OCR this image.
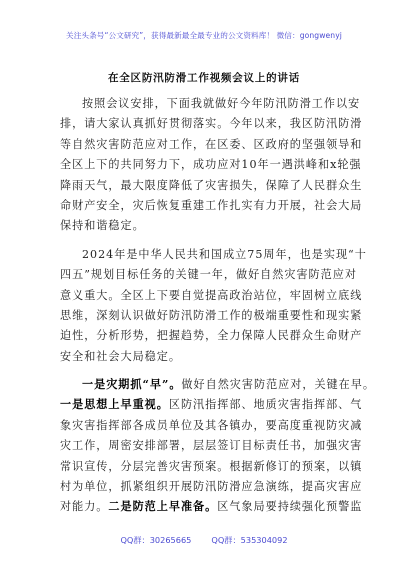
关注头条号“公文研究”，获得最新最全最专业的公文资料库！ 微信：gongwenyj
在全区防汛防滑工作视频会议上的讲话
按照会议安排，下面我就做好今年防汛防滑工作以安
排，请大家认真抓好贯彻落实。今年以来，我区防汛防滑
等自然灾害防范应对工作，在区委、区政府的坚强领导和
全区上下的共同努力下，成功应对10年一遇洪峰和x轮强
降雨天气，最大限度降低了灾害损失，保障了人民群众生
命财产安全，灾后恢复重建工作扎实有力开展，社会大局
保持和谐稳定。
2024年是中华人民共和国成立75周年，也是实现“十
四五”规划目标任务的关键一年，做好自然灾害防范应对
意义重大。全区上下要自觉提高政治站位，牢固树立底线
思维，深刻认识做好防汛防滑工作的极端重要性和现实紧
迫性，分析形势，把握趋势，全力保障人民群众生命财产
安全和社会大局稳定。
一是灾期抓“早”。做好自然灾害防范应对，关键在早。
一是思想上早重视。区防汛指挥部、地质灾害指挥部、气
象灾害指挥部各成员单位及其各镇办，要高度重视防灾减
灾工作，周密安排部署，层层签订目标责任书，加强灾害
常识宣传，分层完善灾害预案。根据新修订的预案，以镇
村为单位，抓紧组织开展防汛防滑应急演练，提高灾害应
对能力。二是防范上早准备。区气象局要持续强化预警监
QQ群：30265665 QQ群：535304092
